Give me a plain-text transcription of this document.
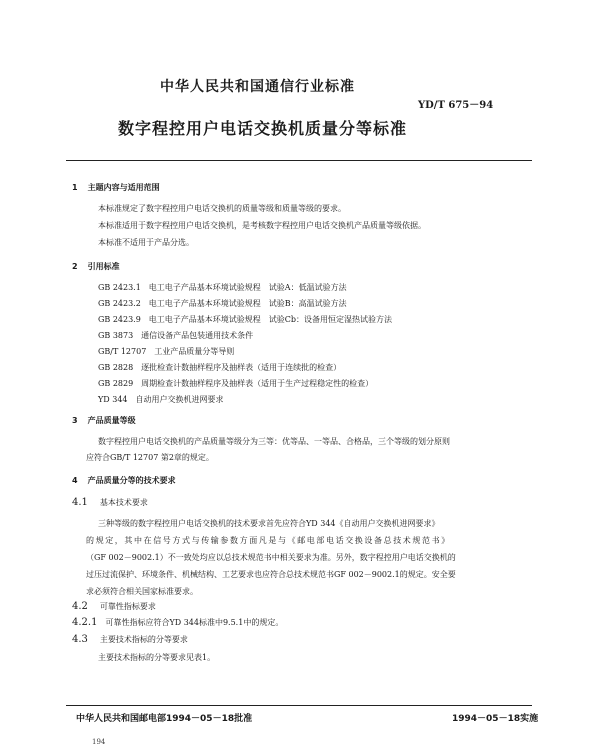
中华人民共和国通信行业标准
YD/T 675－94
数字程控用户电话交换机质量分等标准
1 主题内容与适用范围
本标准规定了数字程控用户电话交换机的质量等级和质量等级的要求。
本标准适用于数字程控用户电话交换机，是考核数字程控用户电话交换机产品质量等级依据。
本标准不适用于产品分选。
2 引用标准
GB 2423.1　电工电子产品基本环境试验规程　试验A：低温试验方法
GB 2423.2　电工电子产品基本环境试验规程　试验B：高温试验方法
GB 2423.9　电工电子产品基本环境试验规程　试验Cb：设备用恒定湿热试验方法
GB 3873　通信设备产品包装通用技术条件
GB/T 12707　工业产品质量分等导则
GB 2828　逐批检查计数抽样程序及抽样表（适用于连续批的检查）
GB 2829　周期检查计数抽样程序及抽样表（适用于生产过程稳定性的检查）
YD 344　自动用户交换机进网要求
3 产品质量等级
数字程控用户电话交换机的产品质量等级分为三等：优等品、一等品、合格品，三个等级的划分原则
应符合GB/T 12707 第2章的规定。
4 产品质量分等的技术要求
4.1 基本技术要求
三种等级的数字程控用户电话交换机的技术要求首先应符合YD 344《自动用户交换机进网要求》
的规定，其中在信号方式与传输参数方面凡是与《邮电部电话交换设备总技术规范书》
（GF 002－9002.1）不一致处均应以总技术规范书中相关要求为准。另外，数字程控用户电话交换机的
过压过流保护、环境条件、机械结构、工艺要求也应符合总技术规范书GF 002－9002.1的规定。安全要
求必须符合相关国家标准要求。
4.2 可靠性指标要求
4.2.1 可靠性指标应符合YD 344标准中9.5.1中的规定。
4.3 主要技术指标的分等要求
主要技术指标的分等要求见表1。
中华人民共和国邮电部1994－05－18批准	1994－05－18实施
194
